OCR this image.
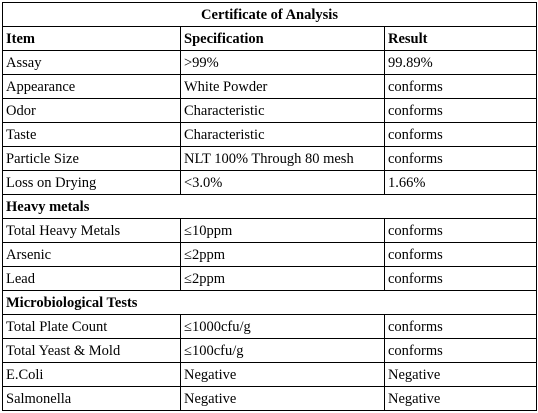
Certificate of Analysis		
Item	Specification	Result
Assay	>99%	99.89%
Appearance	White Powder	conforms
Odor	Characteristic	conforms
Taste	Characteristic	conforms
Particle Size	NLT 100% Through 80 mesh	conforms
Loss on Drying	<3.0%	1.66%
Heavy metals		
Total Heavy Metals	≤10ppm	conforms
Arsenic	≤2ppm	conforms
Lead	≤2ppm	conforms
Microbiological Tests		
Total Plate Count	≤1000cfu/g	conforms
Total Yeast & Mold	≤100cfu/g	conforms
E.Coli	Negative	Negative
Salmonella	Negative	Negative
